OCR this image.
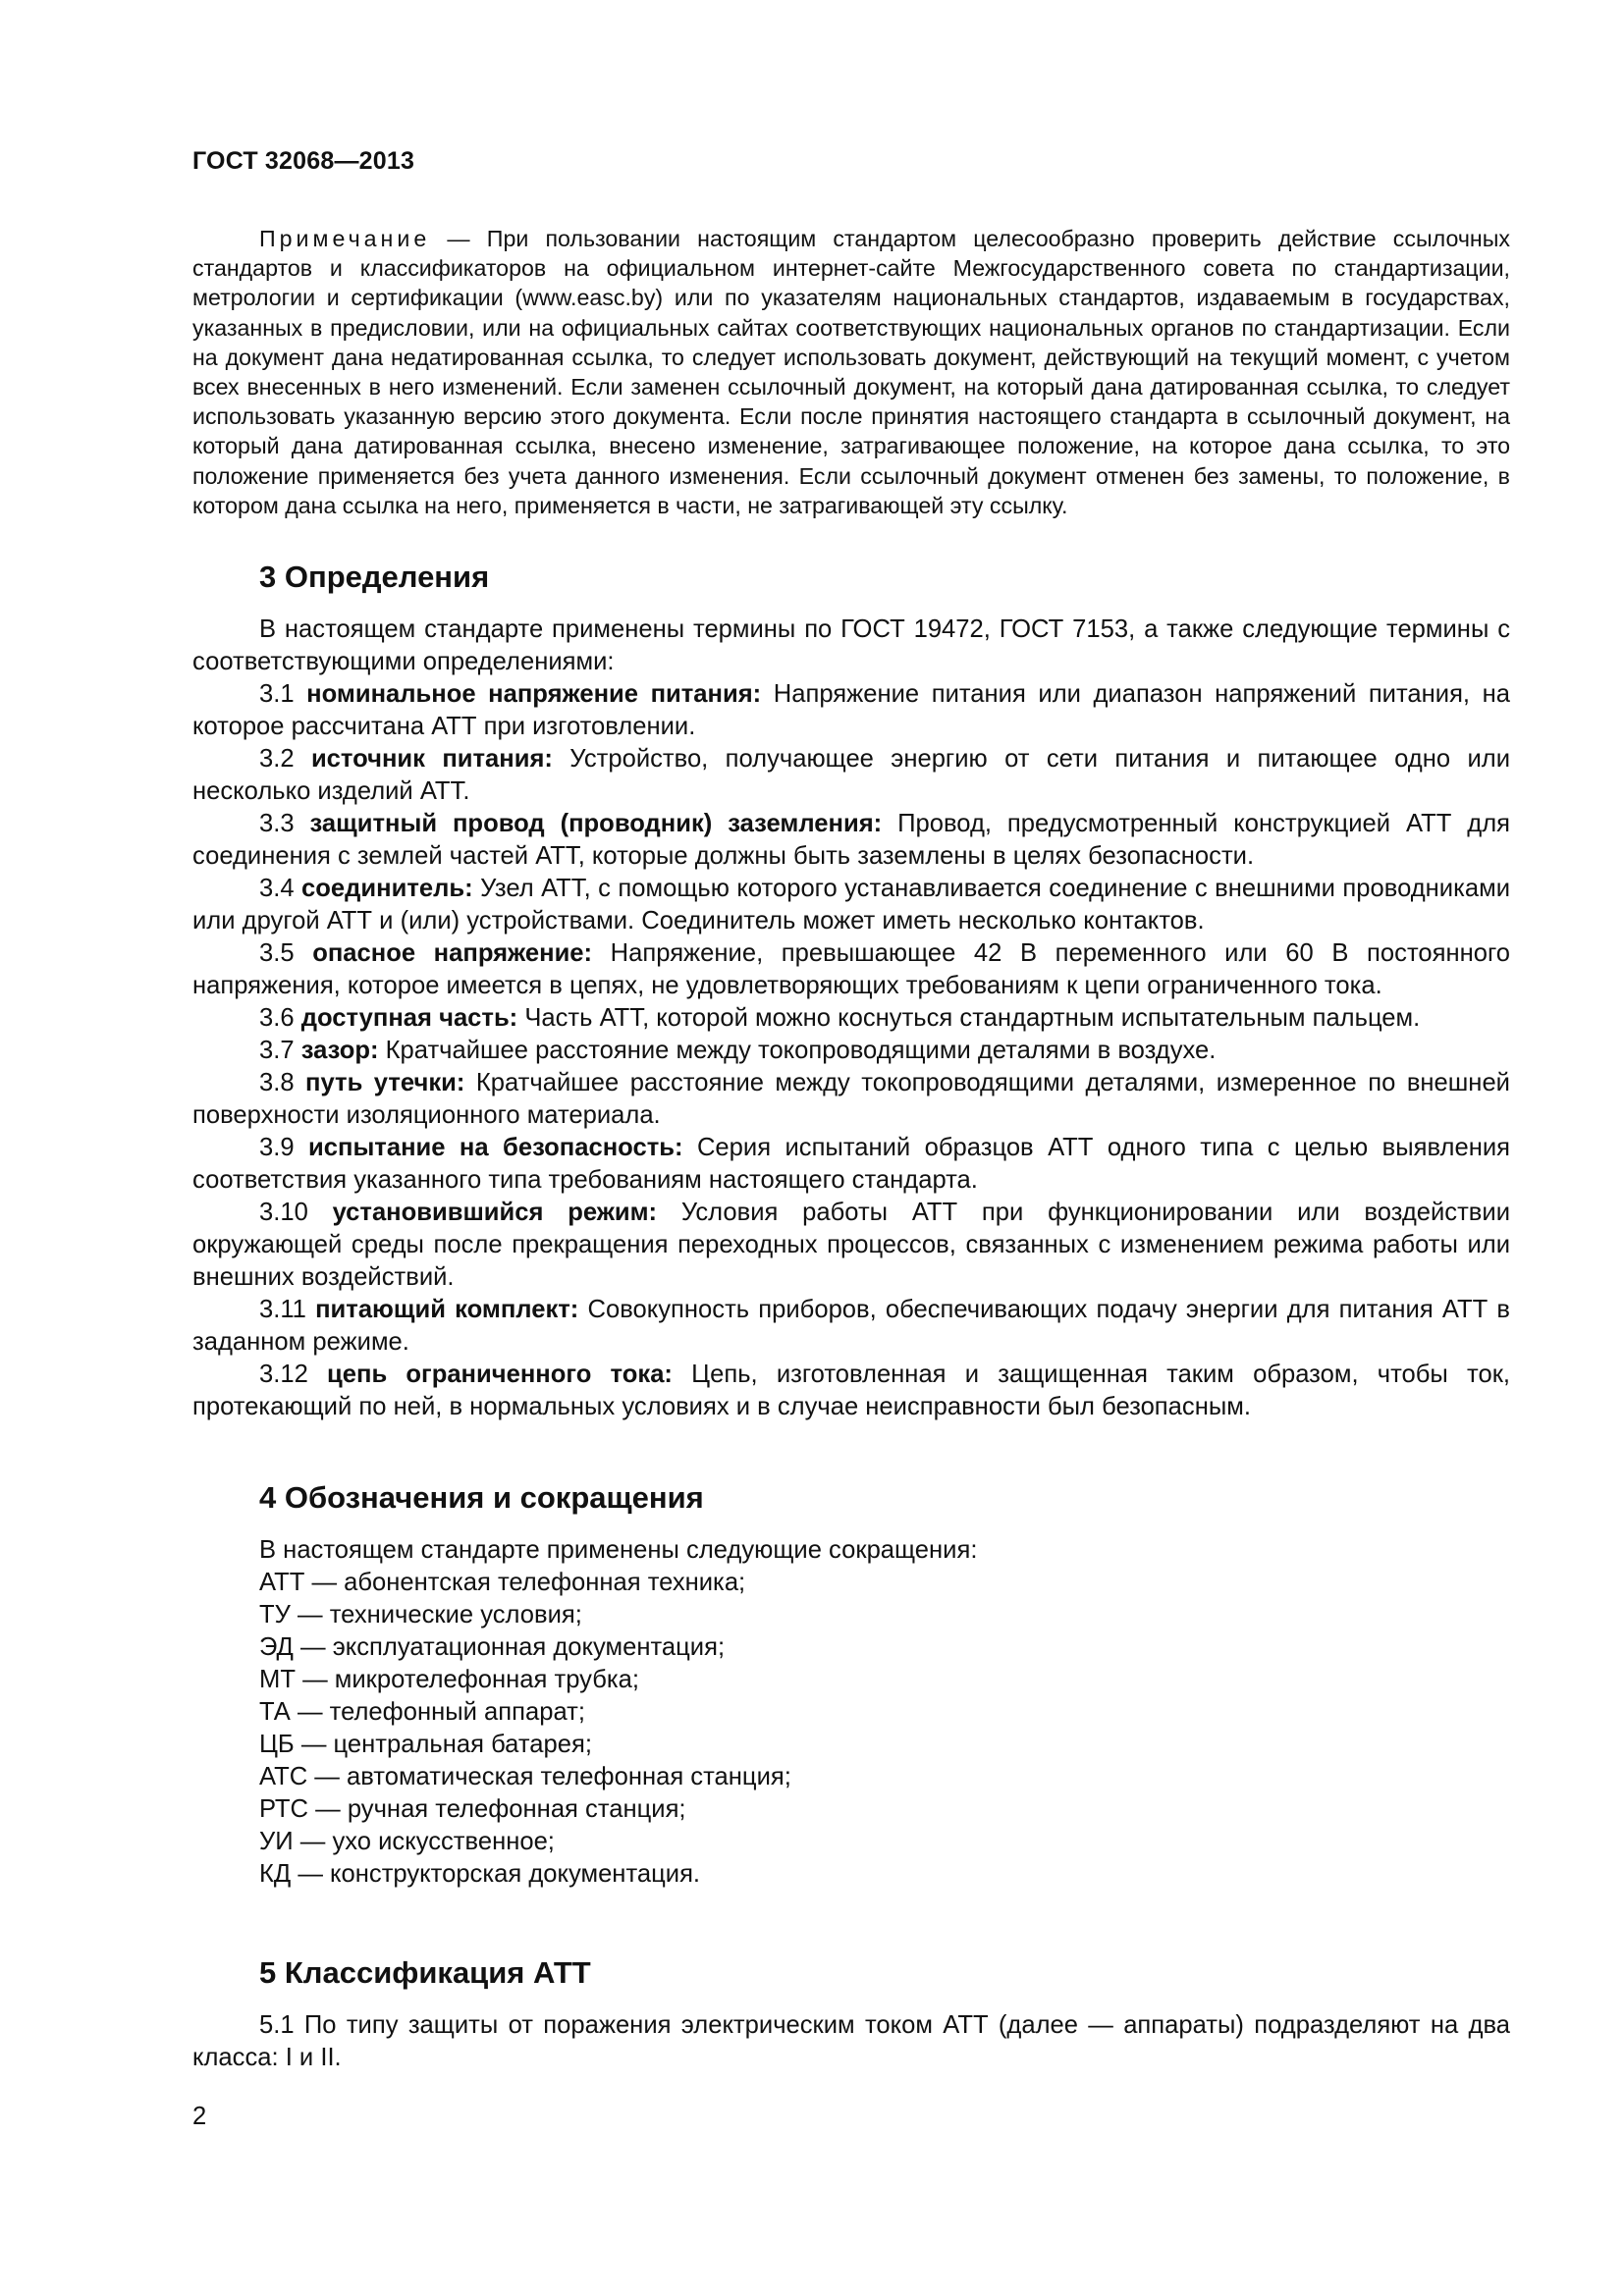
ГОСТ 32068—2013

Примечание — При пользовании настоящим стандартом целесообразно проверить действие ссылочных стандартов и классификаторов на официальном интернет-сайте Межгосударственного совета по стандартизации, метрологии и сертификации (www.easc.by) или по указателям национальных стандартов, издаваемым в государствах, указанных в предисловии, или на официальных сайтах соответствующих национальных органов по стандартизации. Если на документ дана недатированная ссылка, то следует использовать документ, действующий на текущий момент, с учетом всех внесенных в него изменений. Если заменен ссылочный документ, на который дана датированная ссылка, то следует использовать указанную версию этого документа. Если после принятия настоящего стандарта в ссылочный документ, на который дана датированная ссылка, внесено изменение, затрагивающее положение, на которое дана ссылка, то это положение применяется без учета данного изменения. Если ссылочный документ отменен без замены, то положение, в котором дана ссылка на него, применяется в части, не затрагивающей эту ссылку.

3 Определения

В настоящем стандарте применены термины по ГОСТ 19472, ГОСТ 7153, а также следующие термины с соответствующими определениями:

3.1 номинальное напряжение питания: Напряжение питания или диапазон напряжений питания, на которое рассчитана АТТ при изготовлении.

3.2 источник питания: Устройство, получающее энергию от сети питания и питающее одно или несколько изделий АТТ.

3.3 защитный провод (проводник) заземления: Провод, предусмотренный конструкцией АТТ для соединения с землей частей АТТ, которые должны быть заземлены в целях безопасности.

3.4 соединитель: Узел АТТ, с помощью которого устанавливается соединение с внешними проводниками или другой АТТ и (или) устройствами. Соединитель может иметь несколько контактов.

3.5 опасное напряжение: Напряжение, превышающее 42 В переменного или 60 В постоянного напряжения, которое имеется в цепях, не удовлетворяющих требованиям к цепи ограниченного тока.

3.6 доступная часть: Часть АТТ, которой можно коснуться стандартным испытательным пальцем.

3.7 зазор: Кратчайшее расстояние между токопроводящими деталями в воздухе.

3.8 путь утечки: Кратчайшее расстояние между токопроводящими деталями, измеренное по внешней поверхности изоляционного материала.

3.9 испытание на безопасность: Серия испытаний образцов АТТ одного типа с целью выявления соответствия указанного типа требованиям настоящего стандарта.

3.10 установившийся режим: Условия работы АТТ при функционировании или воздействии окружающей среды после прекращения переходных процессов, связанных с изменением режима работы или внешних воздействий.

3.11 питающий комплект: Совокупность приборов, обеспечивающих подачу энергии для питания АТТ в заданном режиме.

3.12 цепь ограниченного тока: Цепь, изготовленная и защищенная таким образом, чтобы ток, протекающий по ней, в нормальных условиях и в случае неисправности был безопасным.

4 Обозначения и сокращения

В настоящем стандарте применены следующие сокращения:

АТТ — абонентская телефонная техника;

ТУ — технические условия;

ЭД — эксплуатационная документация;

МТ — микротелефонная трубка;

ТА — телефонный аппарат;

ЦБ — центральная батарея;

АТС — автоматическая телефонная станция;

РТС — ручная телефонная станция;

УИ — ухо искусственное;

КД — конструкторская документация.

5 Классификация АТТ

5.1 По типу защиты от поражения электрическим током АТТ (далее — аппараты) подразделяют на два класса: I и II.

2
